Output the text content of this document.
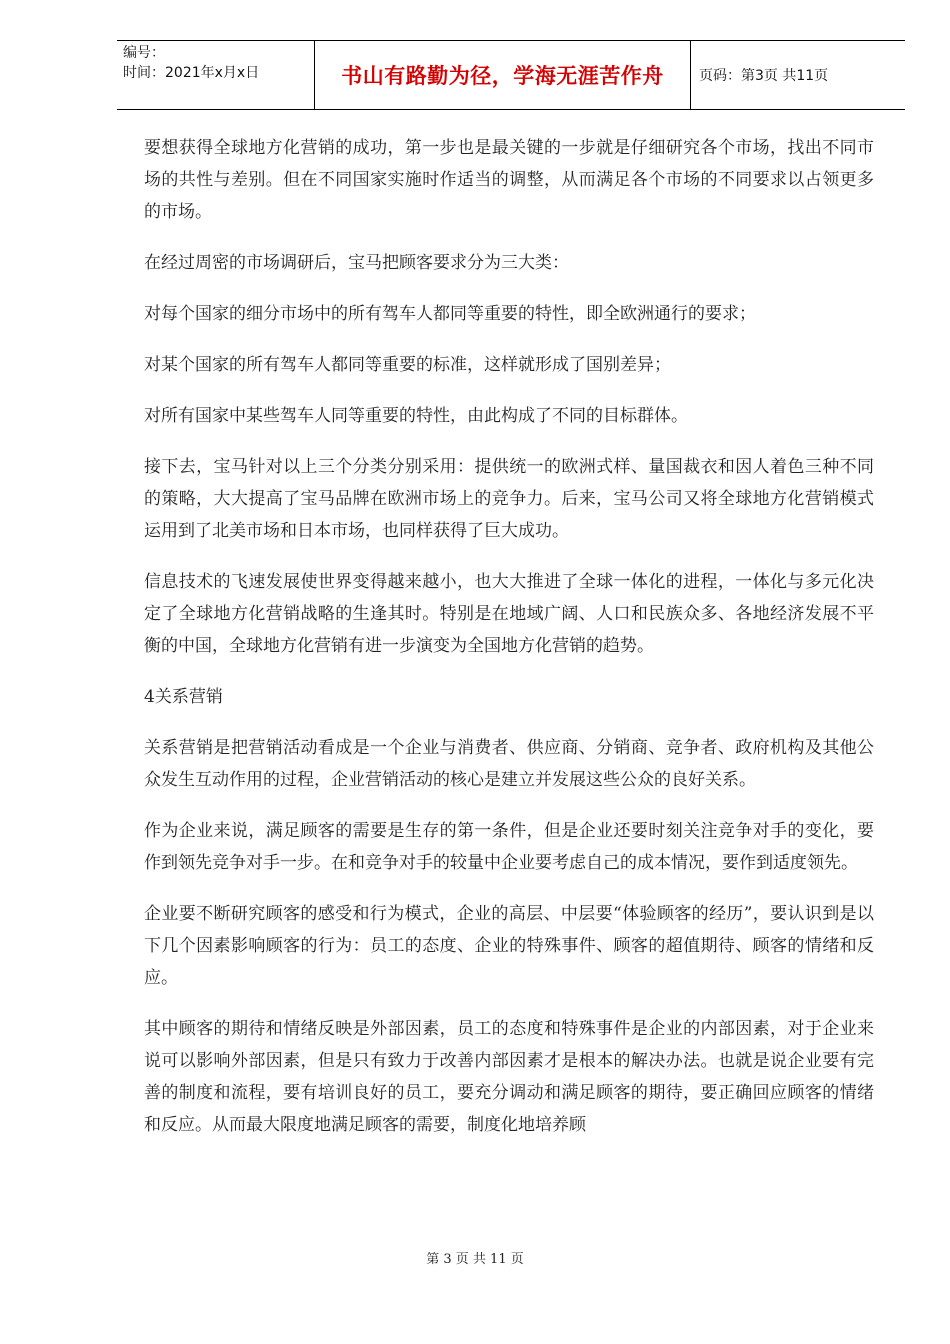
编号：
时间：2021年x月x日	书山有路勤为径，学海无涯苦作舟	页码：第3页 共11页

要想获得全球地方化营销的成功，第一步也是最关键的一步就是仔细研究各个市场，找出不同市场的共性与差别。但在不同国家实施时作适当的调整，从而满足各个市场的不同要求以占领更多的市场。

在经过周密的市场调研后，宝马把顾客要求分为三大类：

对每个国家的细分市场中的所有驾车人都同等重要的特性，即全欧洲通行的要求；

对某个国家的所有驾车人都同等重要的标准，这样就形成了国别差异；

对所有国家中某些驾车人同等重要的特性，由此构成了不同的目标群体。

接下去，宝马针对以上三个分类分别采用：提供统一的欧洲式样、量国裁衣和因人着色三种不同的策略，大大提高了宝马品牌在欧洲市场上的竞争力。后来，宝马公司又将全球地方化营销模式运用到了北美市场和日本市场，也同样获得了巨大成功。

信息技术的飞速发展使世界变得越来越小，也大大推进了全球一体化的进程，一体化与多元化决定了全球地方化营销战略的生逢其时。特别是在地域广阔、人口和民族众多、各地经济发展不平衡的中国，全球地方化营销有进一步演变为全国地方化营销的趋势。

4关系营销

关系营销是把营销活动看成是一个企业与消费者、供应商、分销商、竞争者、政府机构及其他公众发生互动作用的过程，企业营销活动的核心是建立并发展这些公众的良好关系。

作为企业来说，满足顾客的需要是生存的第一条件，但是企业还要时刻关注竞争对手的变化，要作到领先竞争对手一步。在和竞争对手的较量中企业要考虑自己的成本情况，要作到适度领先。

企业要不断研究顾客的感受和行为模式，企业的高层、中层要“体验顾客的经历”，要认识到是以下几个因素影响顾客的行为：员工的态度、企业的特殊事件、顾客的超值期待、顾客的情绪和反应。

其中顾客的期待和情绪反映是外部因素，员工的态度和特殊事件是企业的内部因素，对于企业来说可以影响外部因素，但是只有致力于改善内部因素才是根本的解决办法。也就是说企业要有完善的制度和流程，要有培训良好的员工，要充分调动和满足顾客的期待，要正确回应顾客的情绪和反应。从而最大限度地满足顾客的需要，制度化地培养顾

第 3 页 共 11 页
